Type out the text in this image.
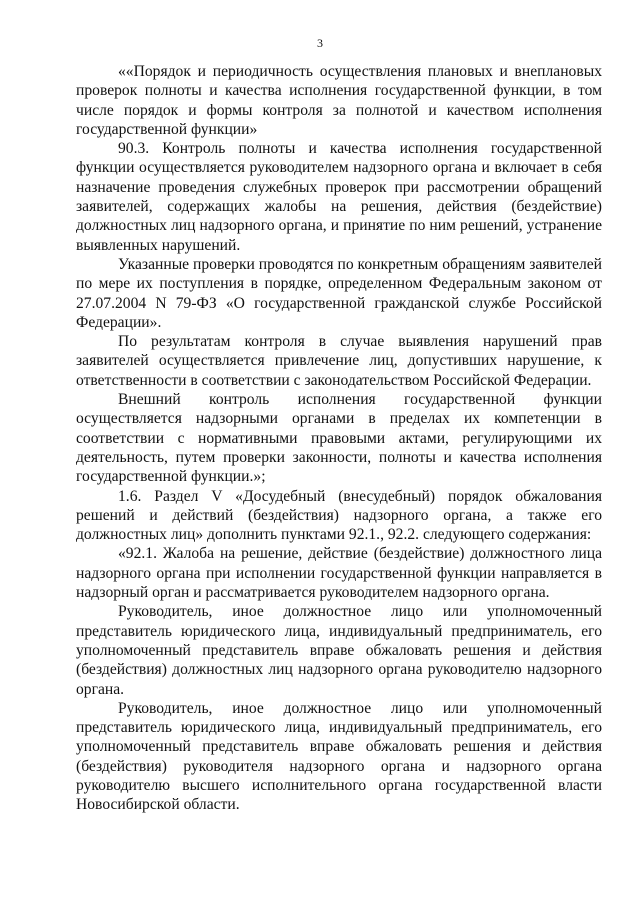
3

««Порядок и периодичность осуществления плановых и внеплановых проверок полноты и качества исполнения государственной функции, в том числе порядок и формы контроля за полнотой и качеством исполнения государственной функции»

90.3. Контроль полноты и качества исполнения государственной функции осуществляется руководителем надзорного органа и включает в себя назначение проведения служебных проверок при рассмотрении обращений заявителей, содержащих жалобы на решения, действия (бездействие) должностных лиц надзорного органа, и принятие по ним решений, устранение выявленных нарушений.

Указанные проверки проводятся по конкретным обращениям заявителей по мере их поступления в порядке, определенном Федеральным законом от 27.07.2004 N 79-ФЗ «О государственной гражданской службе Российской Федерации».

По результатам контроля в случае выявления нарушений прав заявителей осуществляется привлечение лиц, допустивших нарушение, к ответственности в соответствии с законодательством Российской Федерации.

Внешний контроль исполнения государственной функции осуществляется надзорными органами в пределах их компетенции в соответствии с нормативными правовыми актами, регулирующими их деятельность, путем проверки законности, полноты и качества исполнения государственной функции.»;

1.6. Раздел V «Досудебный (внесудебный) порядок обжалования решений и действий (бездействия) надзорного органа, а также его должностных лиц» дополнить пунктами 92.1., 92.2. следующего содержания:

«92.1. Жалоба на решение, действие (бездействие) должностного лица надзорного органа при исполнении государственной функции направляется в надзорный орган и рассматривается руководителем надзорного органа.

Руководитель, иное должностное лицо или уполномоченный представитель юридического лица, индивидуальный предприниматель, его уполномоченный представитель вправе обжаловать решения и действия (бездействия) должностных лиц надзорного органа руководителю надзорного органа.

Руководитель, иное должностное лицо или уполномоченный представитель юридического лица, индивидуальный предприниматель, его уполномоченный представитель вправе обжаловать решения и действия (бездействия) руководителя надзорного органа и надзорного органа руководителю высшего исполнительного органа государственной власти Новосибирской области.
